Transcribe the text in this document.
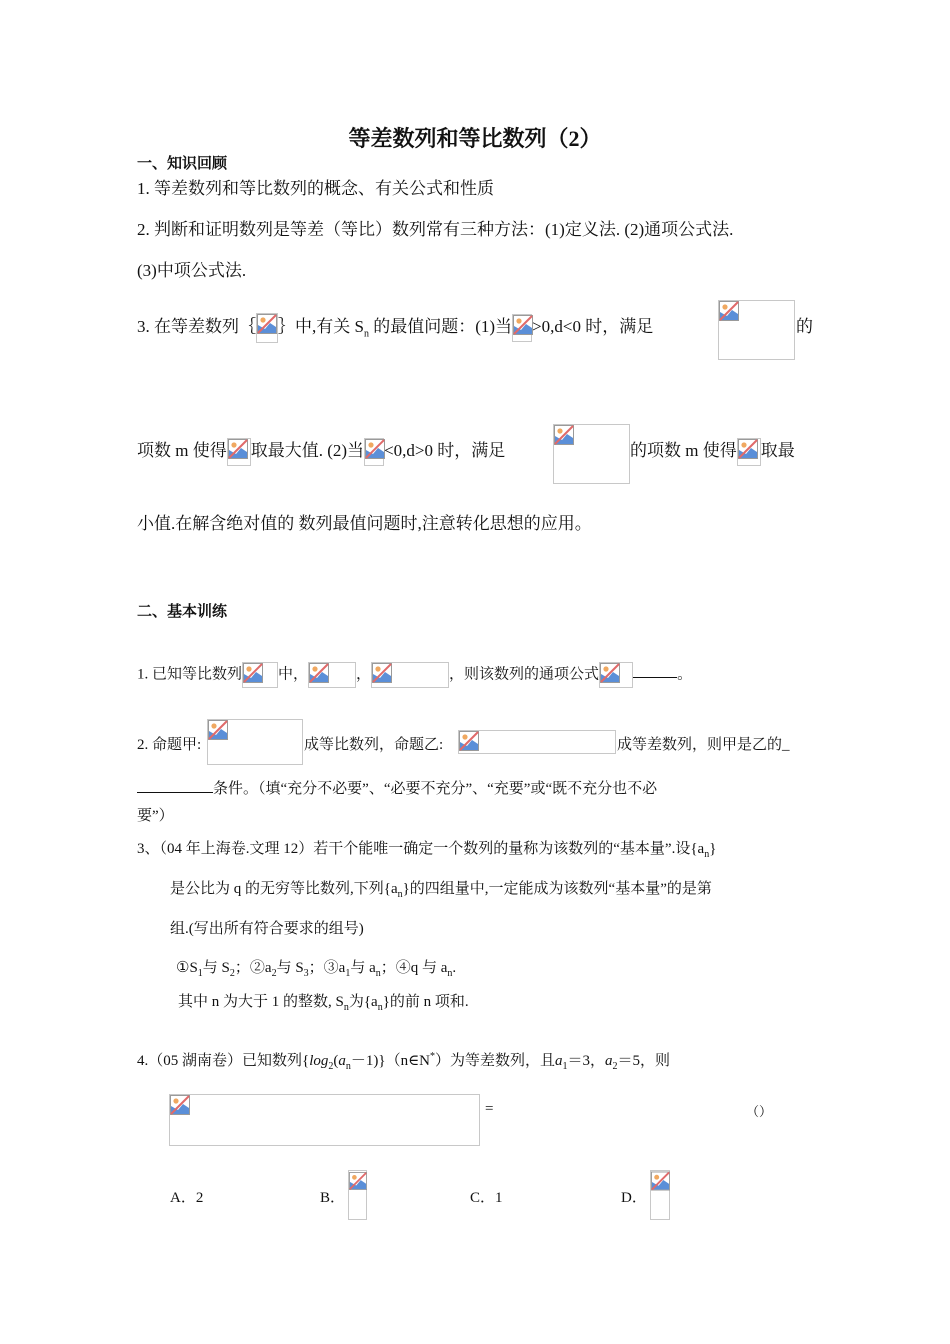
等差数列和等比数列（2）
一、知识回顾
1. 等差数列和等比数列的概念、有关公式和性质
2. 判断和证明数列是等差（等比）数列常有三种方法：(1)定义法. (2)通项公式法.
(3)中项公式法.
3. 在等差数列｛ ｝中,有关 $S_n$ 的最值问题：(1)当 >0,d<0 时，满足	的
项数 m 使得 取最大值. (2)当 <0,d>0 时，满足	的项数 m 使得 取最
小值.在解含绝对值的 数列最值问题时,注意转化思想的应用。
二、基本训练
1. 已知等比数列 中，	，	，则该数列的通项公式	。
2. 命题甲:	成等比数列，命题乙:	成等差数列，则甲是乙的_
条件。（填“充分不必要”、“必要不充分”、“充要”或“既不充分也不必
要”）
3、（04 年上海卷.文理 12）若干个能唯一确定一个数列的量称为该数列的“基本量”.设$\{a_n\}$
是公比为 q 的无穷等比数列,下列$\{a_n\}$的四组量中,一定能成为该数列“基本量”的是第
组.(写出所有符合要求的组号)
$①S_1$与 $S_2$；$②a_2$与 $S_3$；$③a_1$与 $a_n$；④q 与 $a_n$.
其中 n 为大于 1 的整数, $S_n$为$\{a_n\}$的前 n 项和.
4.（05 湖南卷）已知数列$\{\log_2(a_n-1)\}(n\in N^*)$为等差数列，且$a_1=3$，$a_2=5$，则
=	（）
A．2	B．	C．1	D．
